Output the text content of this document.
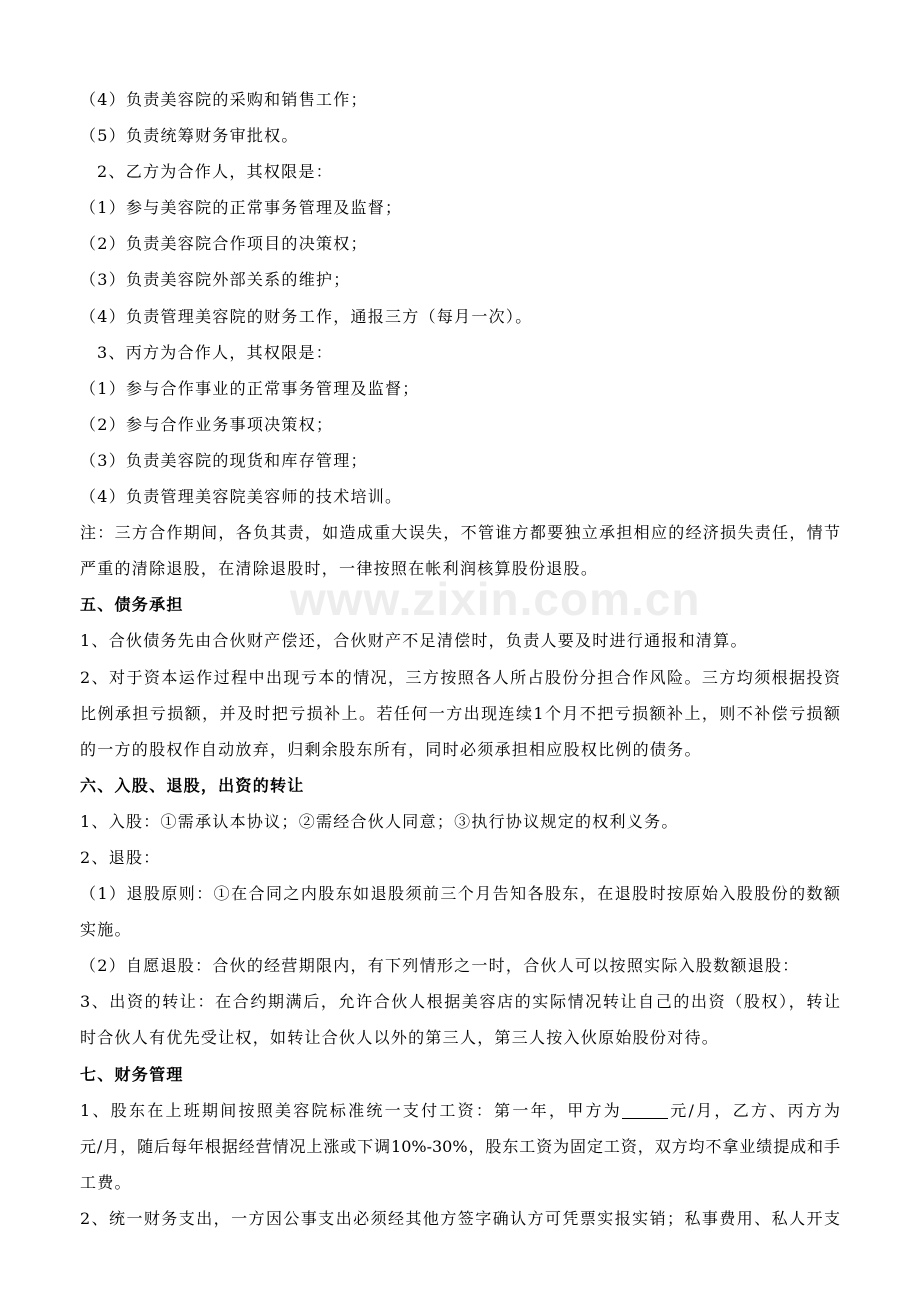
www.zixin.com.cn
（4）负责美容院的采购和销售工作；
（5）负责统筹财务审批权。
2、乙方为合作人，其权限是：
（1）参与美容院的正常事务管理及监督；
（2）负责美容院合作项目的决策权；
（3）负责美容院外部关系的维护；
（4）负责管理美容院的财务工作，通报三方（每月一次）。
3、丙方为合作人，其权限是：
（1）参与合作事业的正常事务管理及监督；
（2）参与合作业务事项决策权；
（3）负责美容院的现货和库存管理；
（4）负责管理美容院美容师的技术培训。
注：三方合作期间，各负其责，如造成重大误失，不管谁方都要独立承担相应的经济损失责任，情节
严重的清除退股，在清除退股时，一律按照在帐利润核算股份退股。
五、债务承担
1、合伙债务先由合伙财产偿还，合伙财产不足清偿时，负责人要及时进行通报和清算。
2、对于资本运作过程中出现亏本的情况，三方按照各人所占股份分担合作风险。三方均须根据投资
比例承担亏损额，并及时把亏损补上。若任何一方出现连续1个月不把亏损额补上，则不补偿亏损额
的一方的股权作自动放弃，归剩余股东所有，同时必须承担相应股权比例的债务。
六、入股、退股，出资的转让
1、入股：①需承认本协议；②需经合伙人同意；③执行协议规定的权利义务。
2、退股：
（1）退股原则：①在合同之内股东如退股须前三个月告知各股东，在退股时按原始入股股份的数额
实施。
（2）自愿退股：合伙的经营期限内，有下列情形之一时，合伙人可以按照实际入股数额退股：
3、出资的转让：在合约期满后，允许合伙人根据美容店的实际情况转让自己的出资（股权），转让
时合伙人有优先受让权，如转让合伙人以外的第三人，第三人按入伙原始股份对待。
七、财务管理
1、股东在上班期间按照美容院标准统一支付工资：第一年，甲方为	元/月，乙方、丙方为
元/月，随后每年根据经营情况上涨或下调10%-30%，股东工资为固定工资，双方均不拿业绩提成和手
工费。
2、统一财务支出，一方因公事支出必须经其他方签字确认方可凭票实报实销；私事费用、私人开支
